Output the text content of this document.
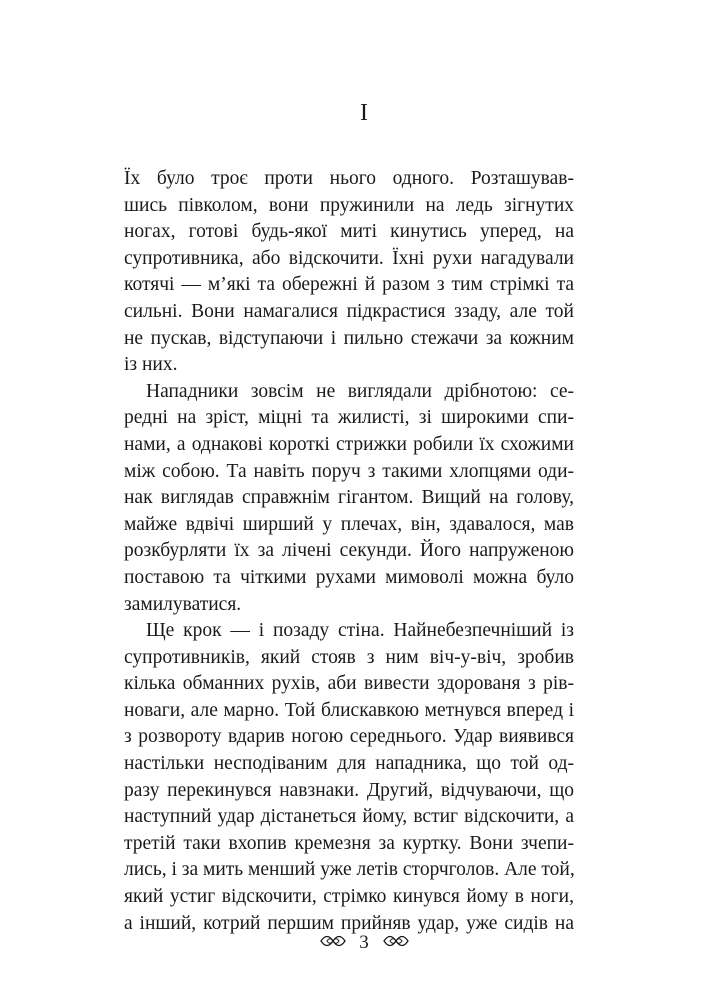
I
Їх було троє проти нього одного. Розташував-
шись півколом, вони пружинили на ледь зігнутих
ногах, готові будь-якої миті кинутись уперед, на
супротивника, або відскочити. Їхні рухи нагадували
котячі — м’які та обережні й разом з тим стрімкі та
сильні. Вони намагалися підкрастися ззаду, але той
не пускав, відступаючи і пильно стежачи за кожним
із них.
Нападники зовсім не виглядали дрібнотою: се-
редні на зріст, міцні та жилисті, зі широкими спи-
нами, а однакові короткі стрижки робили їх схожими
між собою. Та навіть поруч з такими хлопцями оди-
нак виглядав справжнім гігантом. Вищий на голову,
майже вдвічі ширший у плечах, він, здавалося, мав
розкбурляти їх за лічені секунди. Його напруженою
поставою та чіткими рухами мимоволі можна було
замилуватися.
Ще крок — і позаду стіна. Найнебезпечніший із
супротивників, який стояв з ним віч-у-віч, зробив
кілька обманних рухів, аби вивести здорованя з рів-
новаги, але марно. Той блискавкою метнувся вперед і
з розвороту вдарив ногою середнього. Удар виявився
настільки несподіваним для нападника, що той од-
разу перекинувся навзнаки. Другий, відчуваючи, що
наступний удар дістанеться йому, встиг відскочити, а
третій таки вхопив кремезня за куртку. Вони зчепи-
лись, і за мить менший уже летів сторчголов. Але той,
який устиг відскочити, стрімко кинувся йому в ноги,
а інший, котрий першим прийняв удар, уже сидів на
3
